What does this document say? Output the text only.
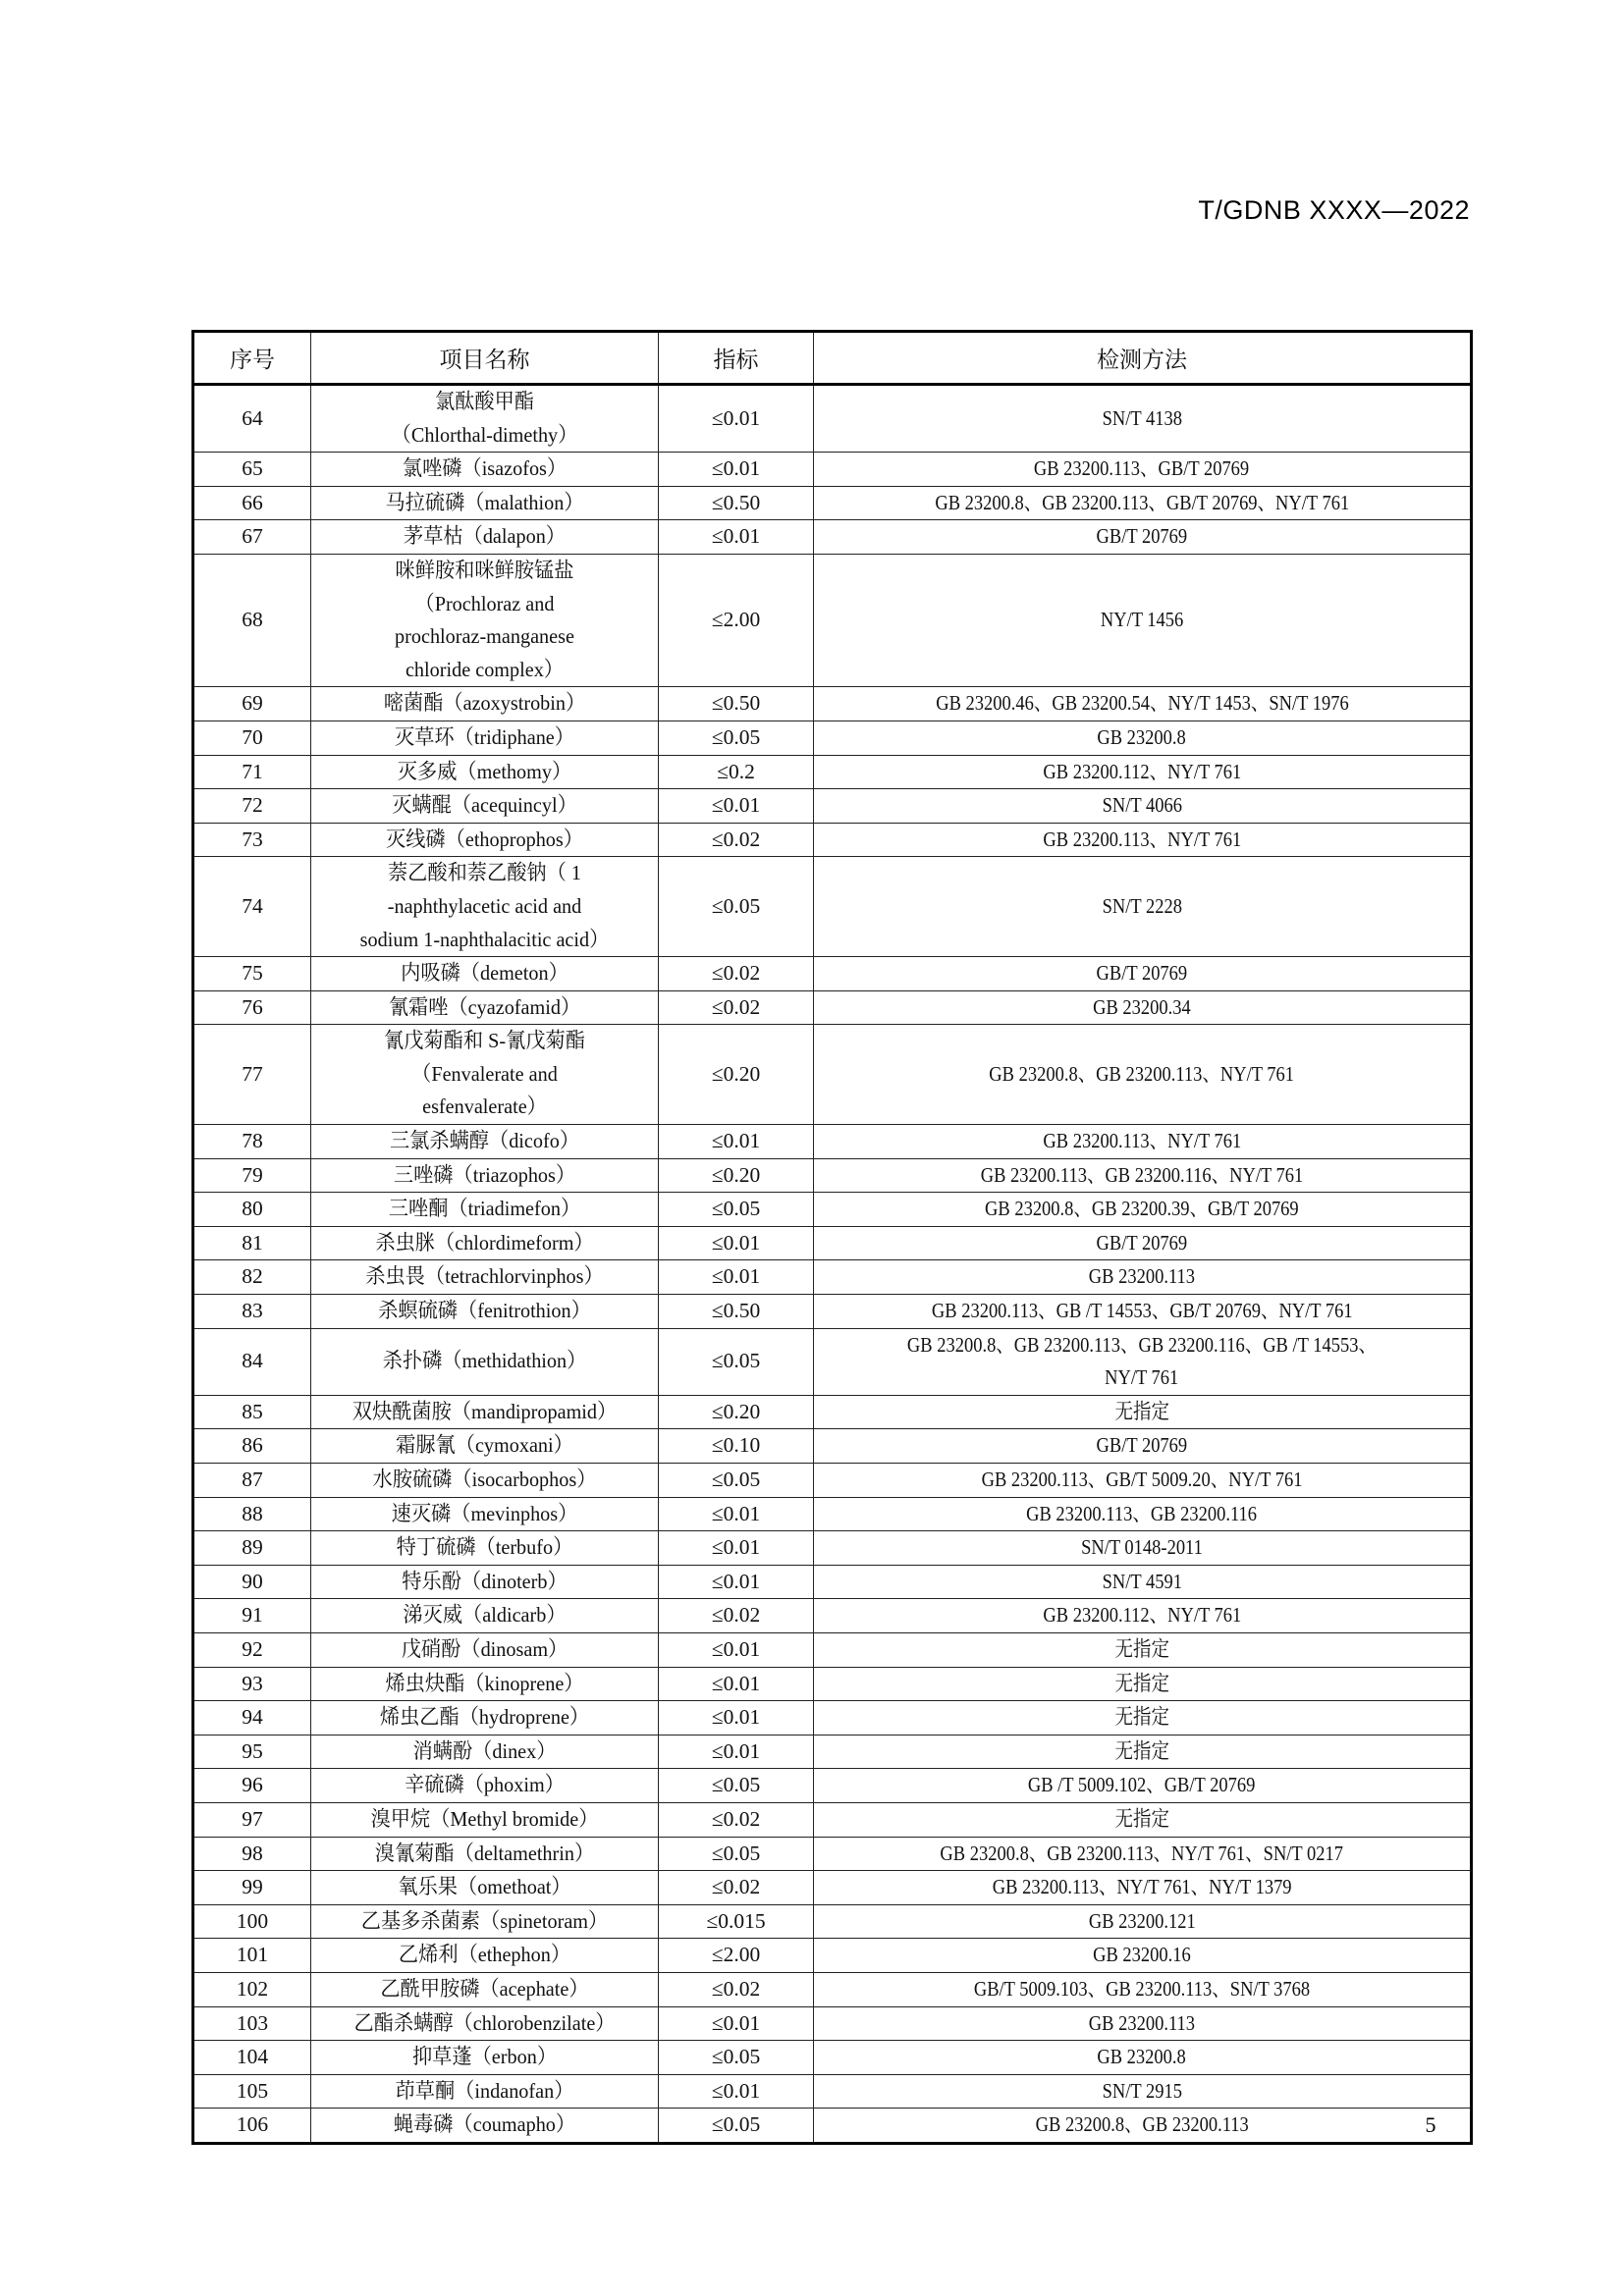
T/GDNB XXXX—2022
序号	项目名称	指标	检测方法
64	氯酞酸甲酯
（Chlorthal-dimethy）	≤0.01	SN/T 4138

65	氯唑磷（isazofos）	≤0.01	GB 23200.113、GB/T 20769

66	马拉硫磷（malathion）	≤0.50	GB 23200.8、GB 23200.113、GB/T 20769、NY/T 761

67	茅草枯（dalapon）	≤0.01	GB/T 20769

68	咪鲜胺和咪鲜胺锰盐
（Prochloraz and
prochloraz-manganese
chloride complex）	≤2.00	NY/T 1456

69	嘧菌酯（azoxystrobin）	≤0.50	GB 23200.46、GB 23200.54、NY/T 1453、SN/T 1976

70	灭草环（tridiphane）	≤0.05	GB 23200.8

71	灭多威（methomy）	≤0.2	GB 23200.112、NY/T 761

72	灭螨醌（acequincyl）	≤0.01	SN/T 4066

73	灭线磷（ethoprophos）	≤0.02	GB 23200.113、NY/T 761

74	萘乙酸和萘乙酸钠（ 1
-naphthylacetic acid and
sodium 1-naphthalacitic acid）	≤0.05	SN/T 2228

75	内吸磷（demeton）	≤0.02	GB/T 20769

76	氰霜唑（cyazofamid）	≤0.02	GB 23200.34

77	氰戊菊酯和 S-氰戊菊酯
（Fenvalerate and
esfenvalerate）	≤0.20	GB 23200.8、GB 23200.113、NY/T 761

78	三氯杀螨醇（dicofo）	≤0.01	GB 23200.113、NY/T 761

79	三唑磷（triazophos）	≤0.20	GB 23200.113、GB 23200.116、NY/T 761

80	三唑酮（triadimefon）	≤0.05	GB 23200.8、GB 23200.39、GB/T 20769

81	杀虫脒（chlordimeform）	≤0.01	GB/T 20769

82	杀虫畏（tetrachlorvinphos）	≤0.01	GB 23200.113

83	杀螟硫磷（fenitrothion）	≤0.50	GB 23200.113、GB /T 14553、GB/T 20769、NY/T 761

84	杀扑磷（methidathion）	≤0.05	GB 23200.8、GB 23200.113、GB 23200.116、GB /T 14553、
NY/T 761

85	双炔酰菌胺（mandipropamid）	≤0.20	无指定

86	霜脲氰（cymoxani）	≤0.10	GB/T 20769

87	水胺硫磷（isocarbophos）	≤0.05	GB 23200.113、GB/T 5009.20、NY/T 761

88	速灭磷（mevinphos）	≤0.01	GB 23200.113、GB 23200.116

89	特丁硫磷（terbufo）	≤0.01	SN/T 0148-2011

90	特乐酚（dinoterb）	≤0.01	SN/T 4591

91	涕灭威（aldicarb）	≤0.02	GB 23200.112、NY/T 761

92	戊硝酚（dinosam）	≤0.01	无指定

93	烯虫炔酯（kinoprene）	≤0.01	无指定

94	烯虫乙酯（hydroprene）	≤0.01	无指定

95	消螨酚（dinex）	≤0.01	无指定

96	辛硫磷（phoxim）	≤0.05	GB /T 5009.102、GB/T 20769

97	溴甲烷（Methyl bromide）	≤0.02	无指定

98	溴氰菊酯（deltamethrin）	≤0.05	GB 23200.8、GB 23200.113、NY/T 761、SN/T 0217

99	氧乐果（omethoat）	≤0.02	GB 23200.113、NY/T 761、NY/T 1379

100	乙基多杀菌素（spinetoram）	≤0.015	GB 23200.121

101	乙烯利（ethephon）	≤2.00	GB 23200.16

102	乙酰甲胺磷（acephate）	≤0.02	GB/T 5009.103、GB 23200.113、SN/T 3768

103	乙酯杀螨醇（chlorobenzilate）	≤0.01	GB 23200.113

104	抑草蓬（erbon）	≤0.05	GB 23200.8

105	茚草酮（indanofan）	≤0.01	SN/T 2915

106	蝇毒磷（coumapho）	≤0.05	GB 23200.8、GB 23200.113	5
